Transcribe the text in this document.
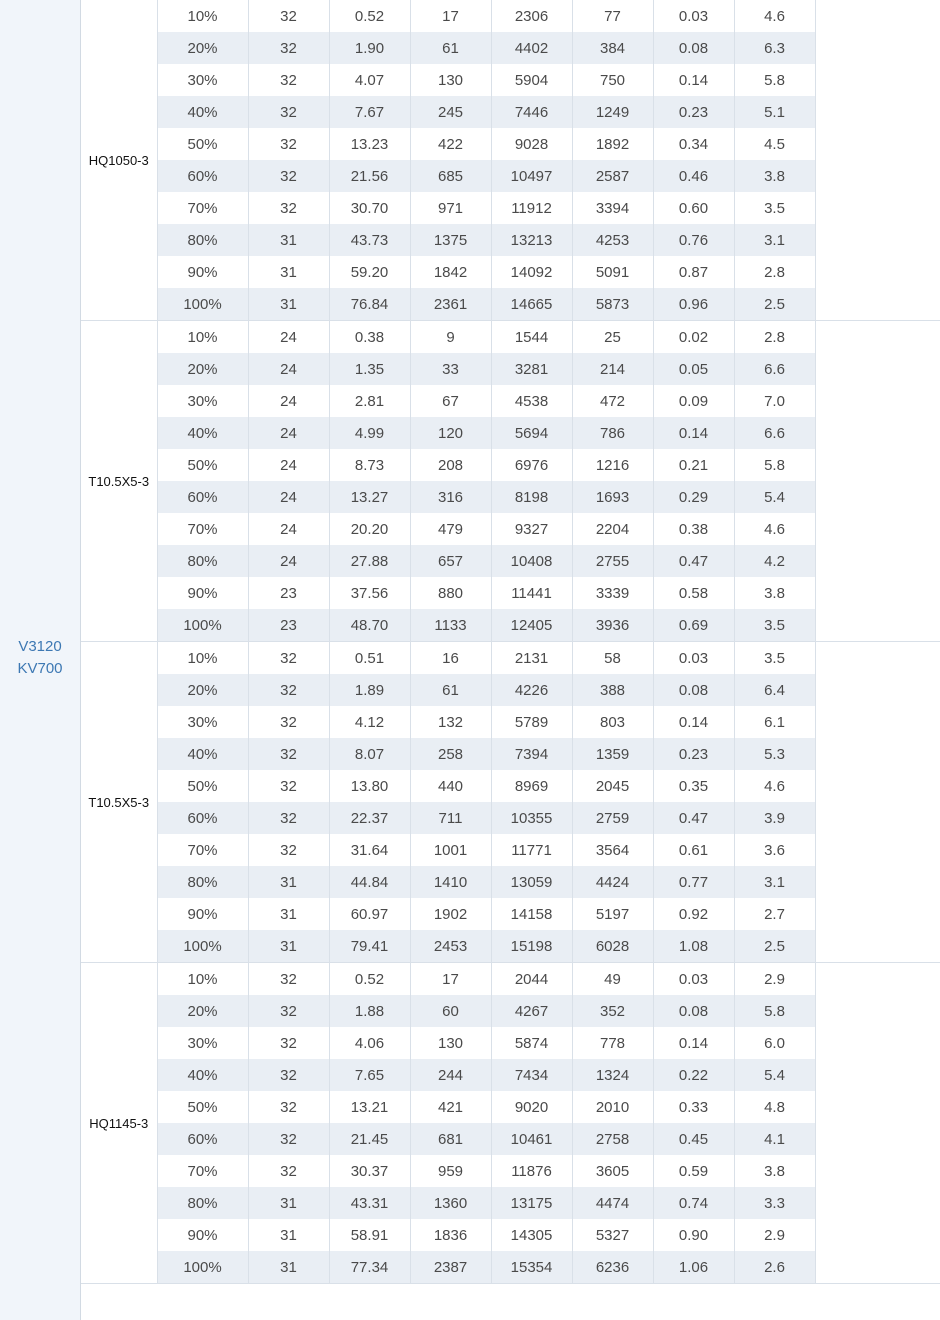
V3120
KV700
HQ1050-3	10%	32	0.52	17	2306	77	0.03	4.6		
	20%	32	1.90	61	4402	384	0.08	6.3		
	30%	32	4.07	130	5904	750	0.14	5.8		
	40%	32	7.67	245	7446	1249	0.23	5.1		
	50%	32	13.23	422	9028	1892	0.34	4.5		
	60%	32	21.56	685	10497	2587	0.46	3.8		
	70%	32	30.70	971	11912	3394	0.60	3.5		
	80%	31	43.73	1375	13213	4253	0.76	3.1		
	90%	31	59.20	1842	14092	5091	0.87	2.8		
	100%	31	76.84	2361	14665	5873	0.96	2.5		
T10.5X5-3	10%	24	0.38	9	1544	25	0.02	2.8		
	20%	24	1.35	33	3281	214	0.05	6.6		
	30%	24	2.81	67	4538	472	0.09	7.0		
	40%	24	4.99	120	5694	786	0.14	6.6		
	50%	24	8.73	208	6976	1216	0.21	5.8		
	60%	24	13.27	316	8198	1693	0.29	5.4		
	70%	24	20.20	479	9327	2204	0.38	4.6		
	80%	24	27.88	657	10408	2755	0.47	4.2		
	90%	23	37.56	880	11441	3339	0.58	3.8		
	100%	23	48.70	1133	12405	3936	0.69	3.5		
T10.5X5-3	10%	32	0.51	16	2131	58	0.03	3.5		
	20%	32	1.89	61	4226	388	0.08	6.4		
	30%	32	4.12	132	5789	803	0.14	6.1		
	40%	32	8.07	258	7394	1359	0.23	5.3		
	50%	32	13.80	440	8969	2045	0.35	4.6		
	60%	32	22.37	711	10355	2759	0.47	3.9		
	70%	32	31.64	1001	11771	3564	0.61	3.6		
	80%	31	44.84	1410	13059	4424	0.77	3.1		
	90%	31	60.97	1902	14158	5197	0.92	2.7		
	100%	31	79.41	2453	15198	6028	1.08	2.5		
HQ1145-3	10%	32	0.52	17	2044	49	0.03	2.9		
	20%	32	1.88	60	4267	352	0.08	5.8		
	30%	32	4.06	130	5874	778	0.14	6.0		
	40%	32	7.65	244	7434	1324	0.22	5.4		
	50%	32	13.21	421	9020	2010	0.33	4.8		
	60%	32	21.45	681	10461	2758	0.45	4.1		
	70%	32	30.37	959	11876	3605	0.59	3.8		
	80%	31	43.31	1360	13175	4474	0.74	3.3		
	90%	31	58.91	1836	14305	5327	0.90	2.9		
	100%	31	77.34	2387	15354	6236	1.06	2.6		
